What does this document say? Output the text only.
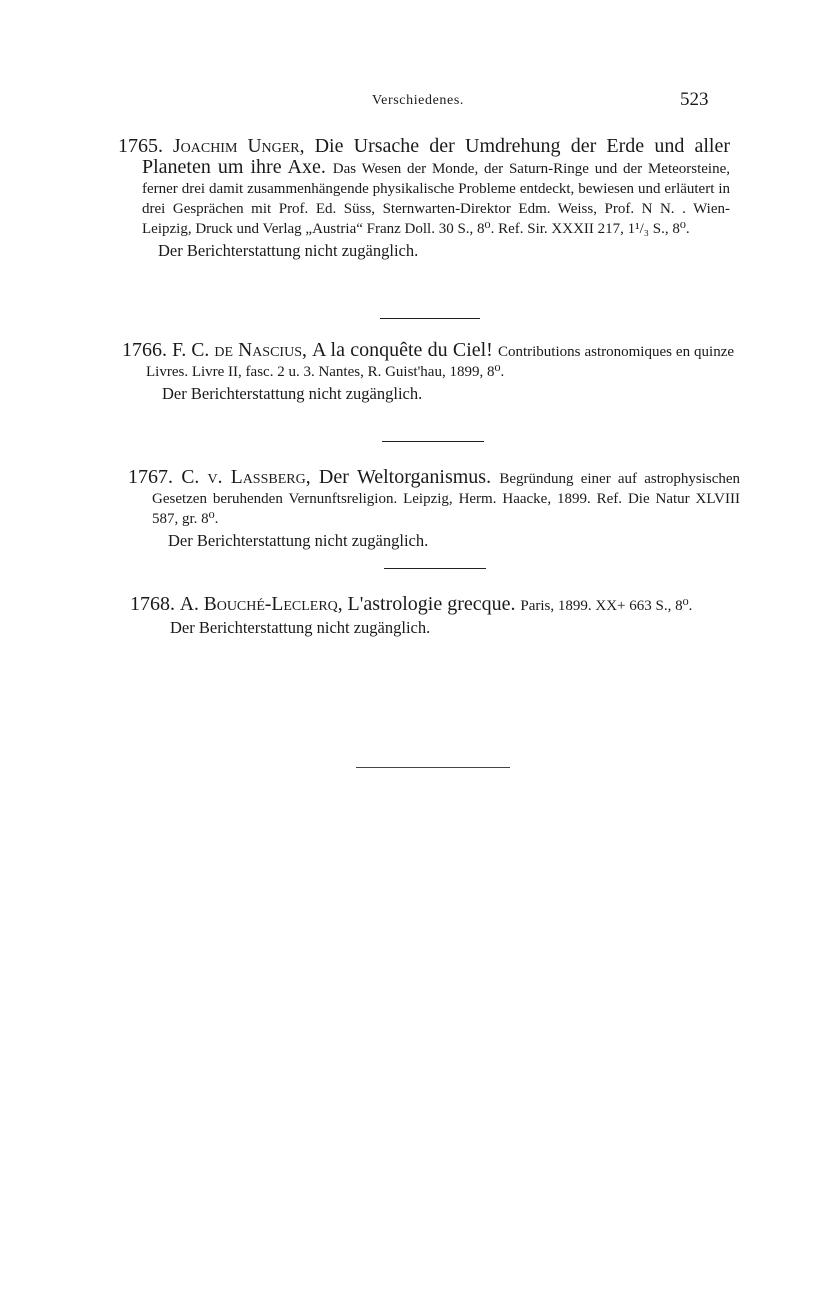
Verschiedenes.	523
1765. Joachim Unger, Die Ursache der Umdrehung der Erde und aller Planeten um ihre Axe. Das Wesen der Monde, der Saturn-Ringe und der Meteorsteine, ferner drei damit zusammenhängende physikalische Probleme entdeckt, bewiesen und erläutert in drei Gesprächen mit Prof. Ed. Süss, Sternwarten-Direktor Edm. Weiss, Prof. N N. . Wien-Leipzig, Druck und Verlag „Austria“ Franz Doll. 30 S., 8⁰. Ref. Sir. XXXII 217, 1¹/₃ S., 8⁰.
Der Berichterstattung nicht zugänglich.
1766. F. C. de Nascius, A la conquête du Ciel! Contributions astronomiques en quinze Livres. Livre II, fasc. 2 u. 3. Nantes, R. Guist'hau, 1899, 8⁰.
Der Berichterstattung nicht zugänglich.
1767. C. v. Lassberg, Der Weltorganismus. Begründung einer auf astrophysischen Gesetzen beruhenden Vernunftsreligion. Leipzig, Herm. Haacke, 1899. Ref. Die Natur XLVIII 587, gr. 8⁰.
Der Berichterstattung nicht zugänglich.
1768. A. Bouché-Leclerq, L'astrologie grecque. Paris, 1899. XX+ 663 S., 8⁰.
Der Berichterstattung nicht zugänglich.
